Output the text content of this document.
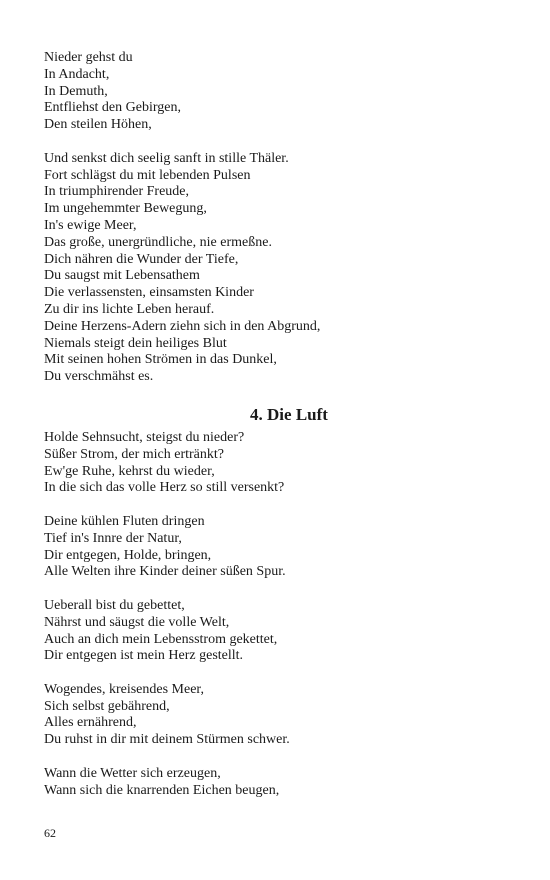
Nieder gehst du
In Andacht,
In Demuth,
Entfliehst den Gebirgen,
Den steilen Höhen,
Und senkst dich seelig sanft in stille Thäler.
Fort schlägst du mit lebenden Pulsen
In triumphirender Freude,
Im ungehemmter Bewegung,
In's ewige Meer,
Das große, unergründliche, nie ermeßne.
Dich nähren die Wunder der Tiefe,
Du saugst mit Lebensathem
Die verlassensten, einsamsten Kinder
Zu dir ins lichte Leben herauf.
Deine Herzens-Adern ziehn sich in den Abgrund,
Niemals steigt dein heiliges Blut
Mit seinen hohen Strömen in das Dunkel,
Du verschmähst es.
4. Die Luft
Holde Sehnsucht, steigst du nieder?
Süßer Strom, der mich ertränkt?
Ew'ge Ruhe, kehrst du wieder,
In die sich das volle Herz so still versenkt?
Deine kühlen Fluten dringen
Tief in's Innre der Natur,
Dir entgegen, Holde, bringen,
Alle Welten ihre Kinder deiner süßen Spur.
Ueberall bist du gebettet,
Nährst und säugst die volle Welt,
Auch an dich mein Lebensstrom gekettet,
Dir entgegen ist mein Herz gestellt.
Wogendes, kreisendes Meer,
Sich selbst gebährend,
Alles ernährend,
Du ruhst in dir mit deinem Stürmen schwer.
Wann die Wetter sich erzeugen,
Wann sich die knarrenden Eichen beugen,
62
